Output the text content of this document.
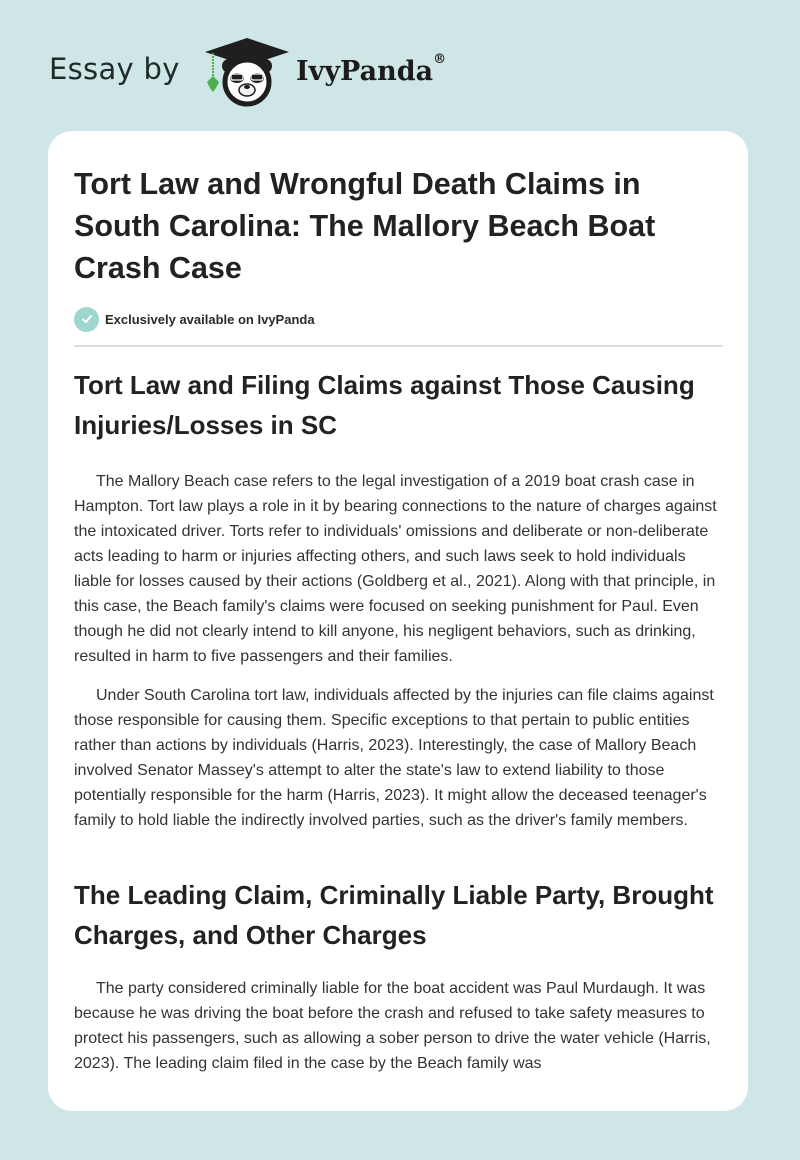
Essay by	IvyPanda®
Tort Law and Wrongful Death Claims in South Carolina: The Mallory Beach Boat Crash Case
Exclusively available on IvyPanda
Tort Law and Filing Claims against Those Causing Injuries/Losses in SC

The Mallory Beach case refers to the legal investigation of a 2019 boat crash case in Hampton. Tort law plays a role in it by bearing connections to the nature of charges against the intoxicated driver. Torts refer to individuals' omissions and deliberate or non-deliberate acts leading to harm or injuries affecting others, and such laws seek to hold individuals liable for losses caused by their actions (Goldberg et al., 2021). Along with that principle, in this case, the Beach family's claims were focused on seeking punishment for Paul. Even though he did not clearly intend to kill anyone, his negligent behaviors, such as drinking, resulted in harm to five passengers and their families.

Under South Carolina tort law, individuals affected by the injuries can file claims against those responsible for causing them. Specific exceptions to that pertain to public entities rather than actions by individuals (Harris, 2023). Interestingly, the case of Mallory Beach involved Senator Massey's attempt to alter the state's law to extend liability to those potentially responsible for the harm (Harris, 2023). It might allow the deceased teenager's family to hold liable the indirectly involved parties, such as the driver's family members.

The Leading Claim, Criminally Liable Party, Brought Charges, and Other Charges

The party considered criminally liable for the boat accident was Paul Murdaugh. It was because he was driving the boat before the crash and refused to take safety measures to protect his passengers, such as allowing a sober person to drive the water vehicle (Harris, 2023). The leading claim filed in the case by the Beach family was
